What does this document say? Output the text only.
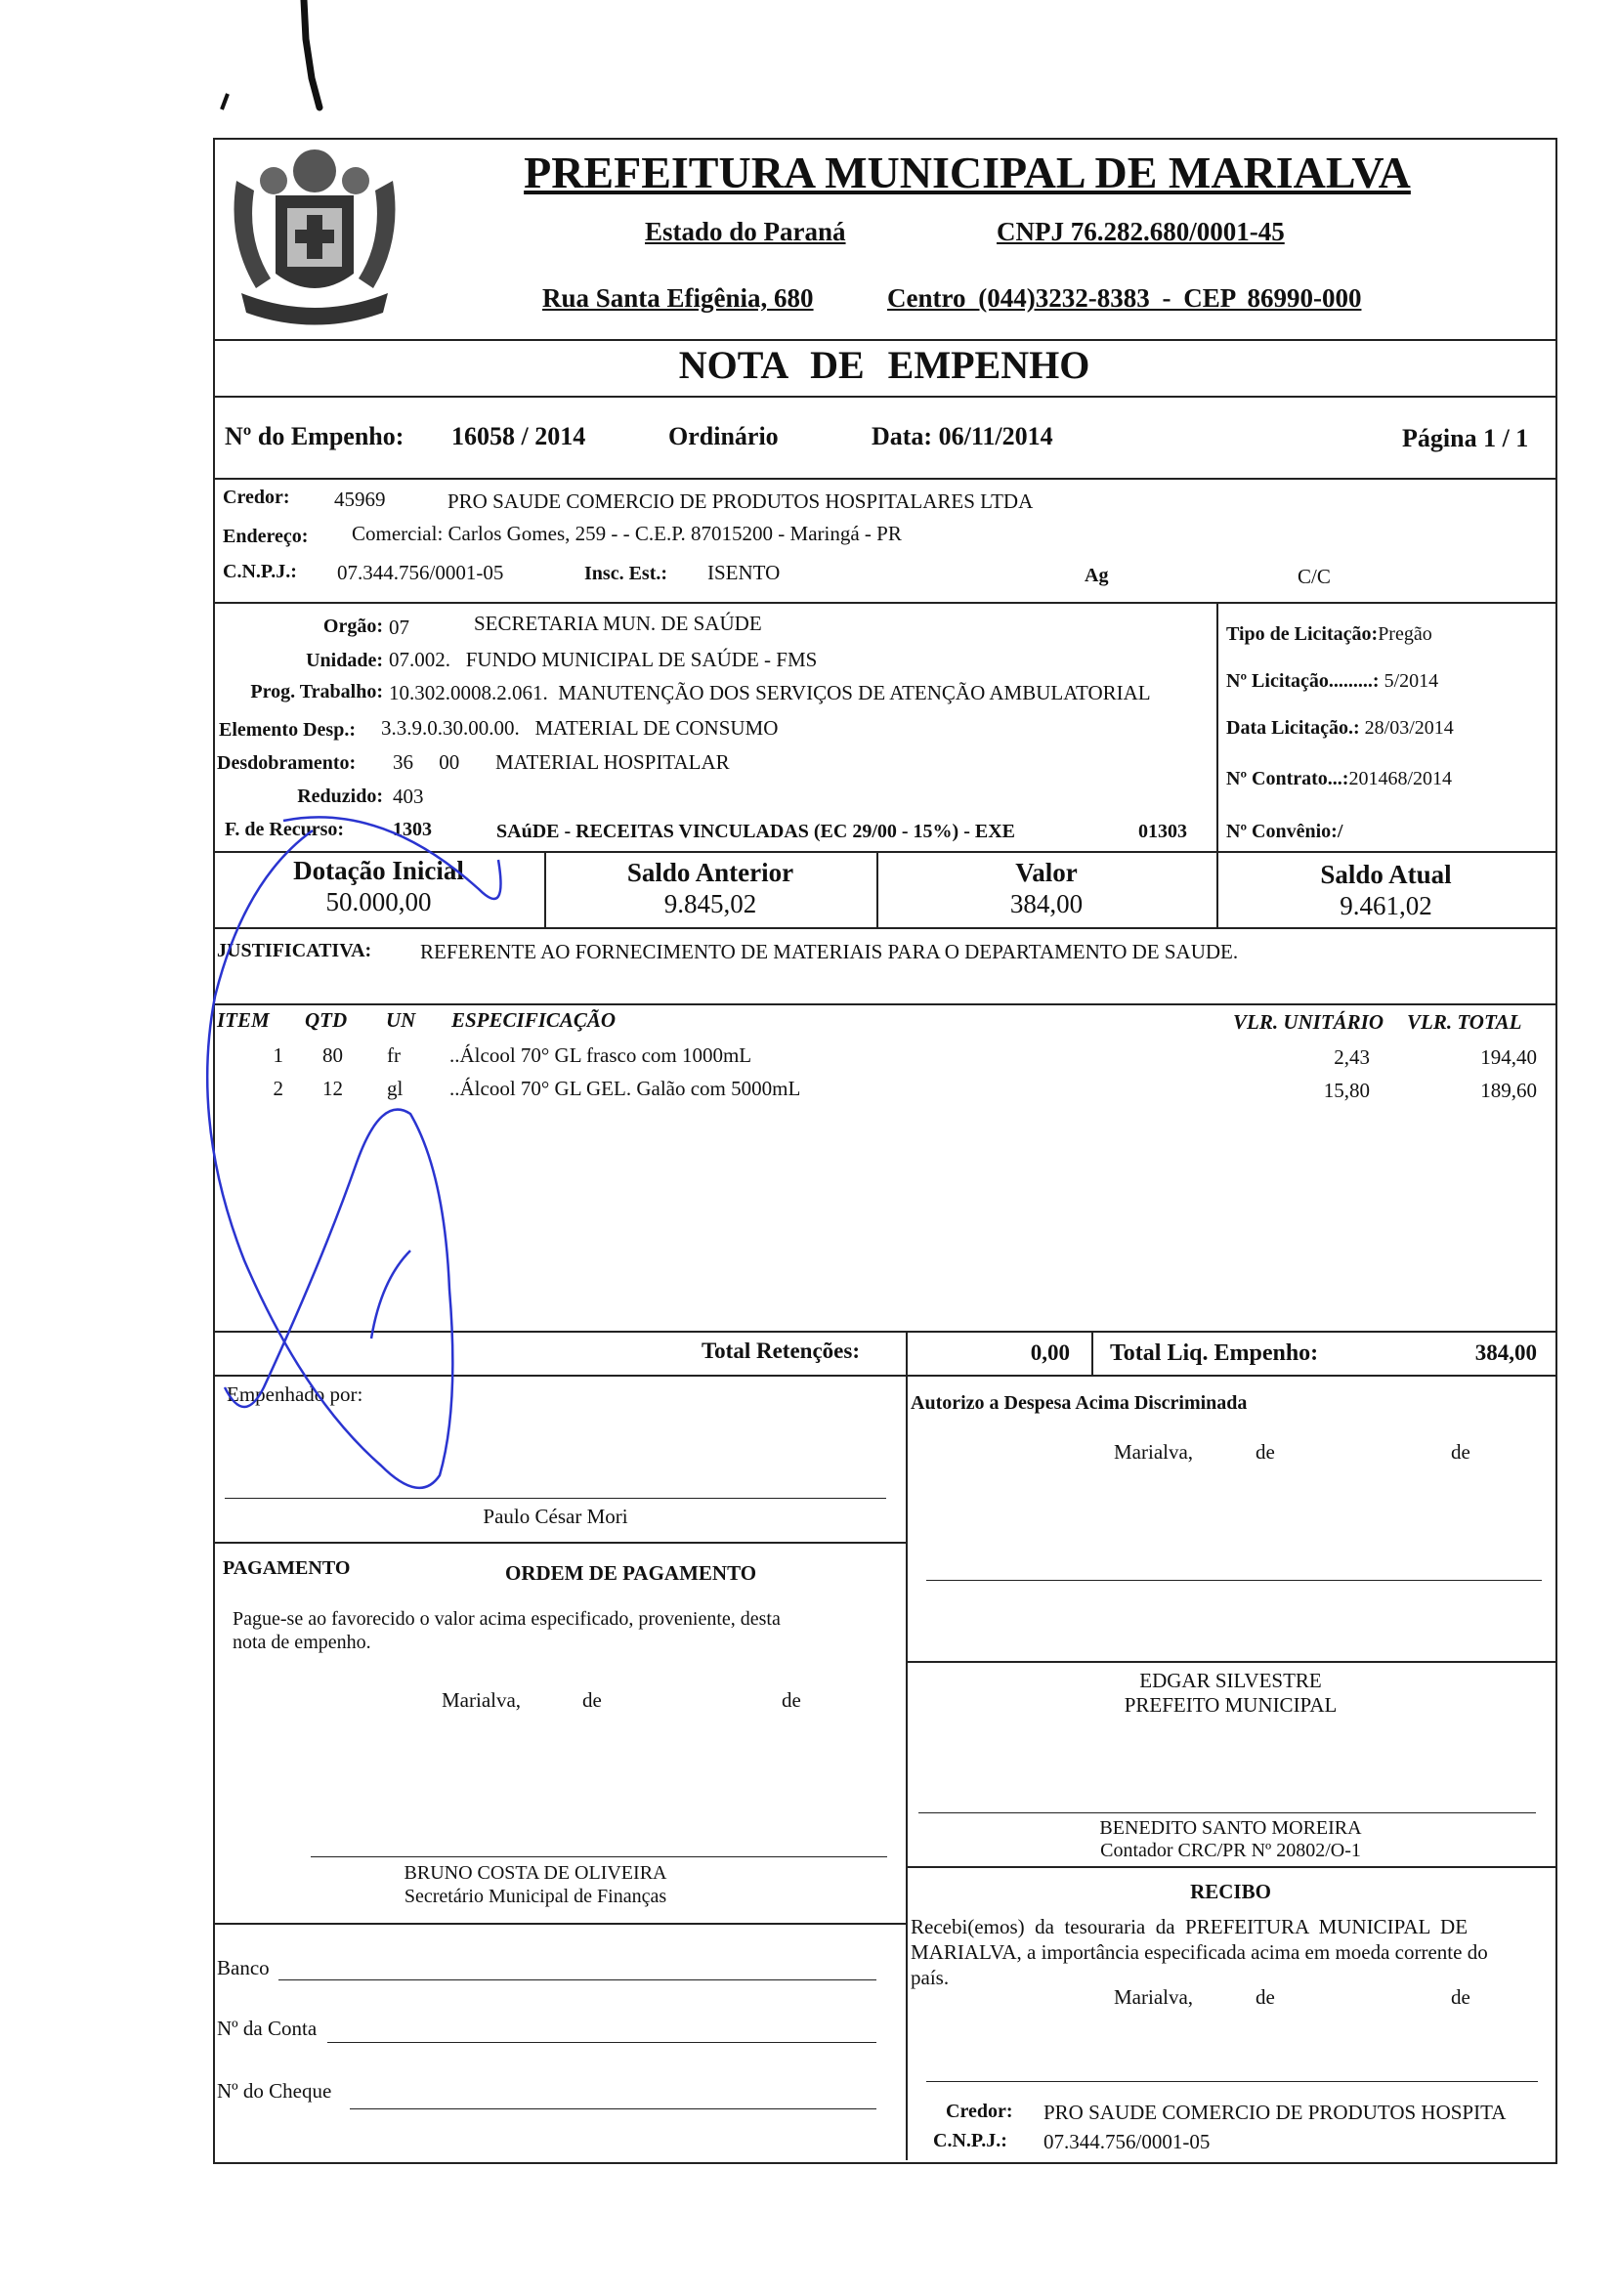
MARIALVA
PREFEITURA MUNICIPAL DE MARIALVA
Estado do Paraná	CNPJ 76.282.680/0001-45
Rua Santa Efigênia, 680	Centro (044)3232-8383 - CEP 86990-000
NOTA DE EMPENHO
Nº do Empenho: 16058 / 2014	Ordinário	Data: 06/11/2014	Página 1 / 1
Credor: 45969	PRO SAUDE COMERCIO DE PRODUTOS HOSPITALARES LTDA
Endereço: Comercial: Carlos Gomes, 259 - - C.E.P. 87015200 - Maringá - PR
C.N.P.J.: 07.344.756/0001-05	Insc. Est.: ISENTO	Ag	C/C
Orgão: 07	SECRETARIA MUN. DE SAÚDE
Unidade: 07.002.   FUNDO MUNICIPAL DE SAÚDE - FMS
Prog. Trabalho: 10.302.0008.2.061.  MANUTENÇÃO DOS SERVIÇOS DE ATENÇÃO AMBULATORIAL
Elemento Desp.: 3.3.9.0.30.00.00.   MATERIAL DE CONSUMO
Desdobramento: 36     00       MATERIAL HOSPITALAR
Reduzido: 403
F. de Recurso: 1303	SAúDE - RECEITAS VINCULADAS (EC 29/00 - 15%) - EXE	01303
Tipo de Licitação:Pregão
Nº Licitação.........: 5/2014
Data Licitação.: 28/03/2014
Nº Contrato...:201468/2014
Nº Convênio:/
Dotação Inicial
50.000,00
Saldo Anterior
9.845,02
Valor
384,00
Saldo Atual
9.461,02
JUSTIFICATIVA: REFERENTE AO FORNECIMENTO DE MATERIAIS PARA O DEPARTAMENTO DE SAUDE.
ITEM QTD UN ESPECIFICAÇÃO	VLR. UNITÁRIO VLR. TOTAL
1 80 fr ..Álcool 70° GL frasco com 1000mL	2,43	194,40
2 12 gl ..Álcool 70° GL GEL. Galão com 5000mL	15,80	189,60
Total Retenções:	0,00 Total Liq. Empenho:	384,00
Empenhado por:
Paulo César Mori
Autorizo a Despesa Acima Discriminada
Marialva,	de	de
PAGAMENTO	ORDEM DE PAGAMENTO
Pague-se ao favorecido o valor acima especificado, proveniente, desta
nota de empenho.
Marialva,	de	de
EDGAR SILVESTRE
PREFEITO MUNICIPAL
BENEDITO SANTO MOREIRA
Contador CRC/PR Nº 20802/O-1
BRUNO COSTA DE OLIVEIRA
Secretário Municipal de Finanças	RECIBO
Recebi(emos)  da  tesouraria  da  PREFEITURA  MUNICIPAL  DE
MARIALVA, a importância especificada acima em moeda corrente do
país.
Marialva,	de	de
Banco
Nº da Conta
Nº do Cheque
Credor: PRO SAUDE COMERCIO DE PRODUTOS HOSPITA
C.N.P.J.: 07.344.756/0001-05
